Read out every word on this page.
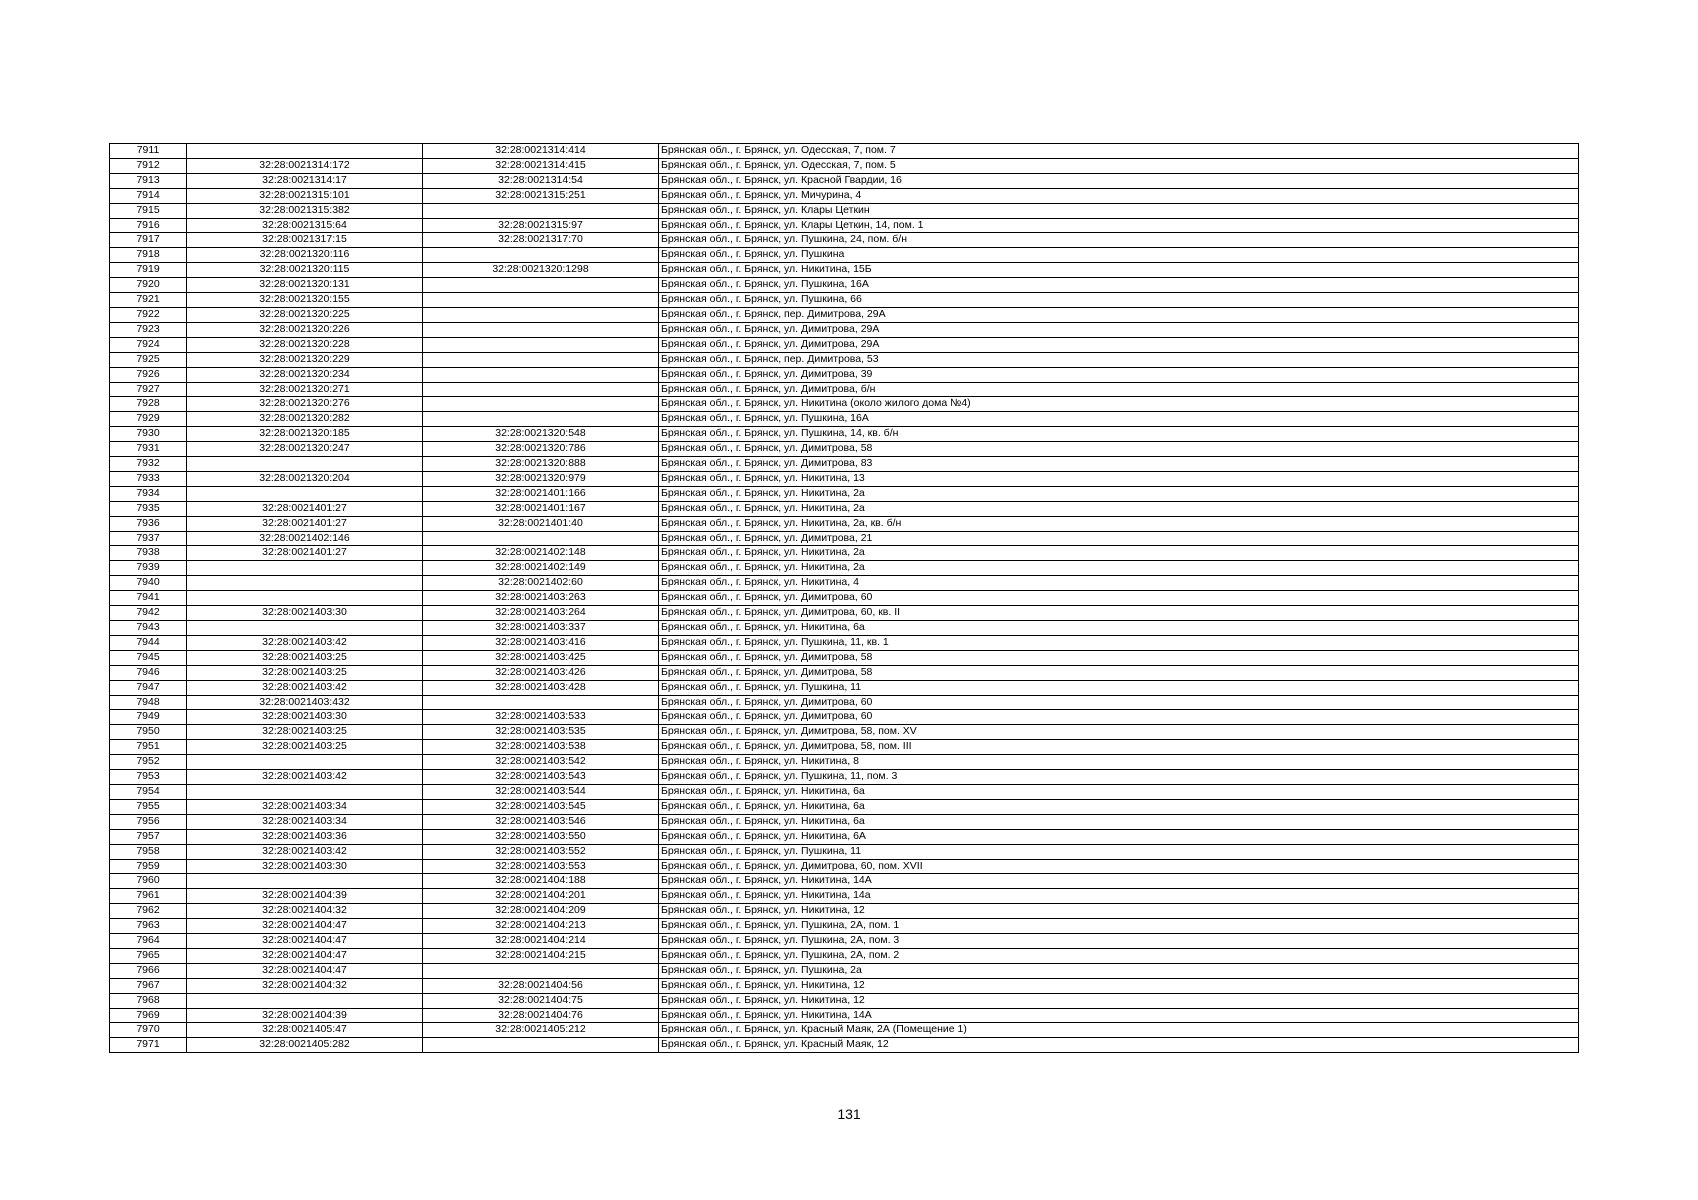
7911		32:28:0021314:414	Брянская обл., г. Брянск, ул. Одесская, 7, пом. 7
7912	32:28:0021314:172	32:28:0021314:415	Брянская обл., г. Брянск, ул. Одесская, 7, пом. 5
7913	32:28:0021314:17	32:28:0021314:54	Брянская обл., г. Брянск, ул. Красной Гвардии, 16
7914	32:28:0021315:101	32:28:0021315:251	Брянская обл., г. Брянск, ул. Мичурина, 4
7915	32:28:0021315:382		Брянская обл., г. Брянск, ул. Клары Цеткин
7916	32:28:0021315:64	32:28:0021315:97	Брянская обл., г. Брянск, ул. Клары Цеткин, 14, пом. 1
7917	32:28:0021317:15	32:28:0021317:70	Брянская обл., г. Брянск, ул. Пушкина, 24, пом. б/н
7918	32:28:0021320:116		Брянская обл., г. Брянск, ул. Пушкина
7919	32:28:0021320:115	32:28:0021320:1298	Брянская обл., г. Брянск, ул. Никитина, 15Б
7920	32:28:0021320:131		Брянская обл., г. Брянск, ул. Пушкина, 16А
7921	32:28:0021320:155		Брянская обл., г. Брянск, ул. Пушкина, 66
7922	32:28:0021320:225		Брянская обл., г. Брянск, пер. Димитрова, 29А
7923	32:28:0021320:226		Брянская обл., г. Брянск, ул. Димитрова, 29А
7924	32:28:0021320:228		Брянская обл., г. Брянск, ул. Димитрова, 29А
7925	32:28:0021320:229		Брянская обл., г. Брянск, пер. Димитрова, 53
7926	32:28:0021320:234		Брянская обл., г. Брянск, ул. Димитрова, 39
7927	32:28:0021320:271		Брянская обл., г. Брянск, ул. Димитрова, б/н
7928	32:28:0021320:276		Брянская обл., г. Брянск, ул. Никитина (около жилого дома №4)
7929	32:28:0021320:282		Брянская обл., г. Брянск, ул. Пушкина, 16А
7930	32:28:0021320:185	32:28:0021320:548	Брянская обл., г. Брянск, ул. Пушкина, 14, кв. б/н
7931	32:28:0021320:247	32:28:0021320:786	Брянская обл., г. Брянск, ул. Димитрова, 58
7932		32:28:0021320:888	Брянская обл., г. Брянск, ул. Димитрова, 83
7933	32:28:0021320:204	32:28:0021320:979	Брянская обл., г. Брянск, ул. Никитина, 13
7934		32:28:0021401:166	Брянская обл., г. Брянск, ул. Никитина, 2а
7935	32:28:0021401:27	32:28:0021401:167	Брянская обл., г. Брянск, ул. Никитина, 2а
7936	32:28:0021401:27	32:28:0021401:40	Брянская обл., г. Брянск, ул. Никитина, 2а, кв. б/н
7937	32:28:0021402:146		Брянская обл., г. Брянск, ул. Димитрова, 21
7938	32:28:0021401:27	32:28:0021402:148	Брянская обл., г. Брянск, ул. Никитина, 2а
7939		32:28:0021402:149	Брянская обл., г. Брянск, ул. Никитина, 2а
7940		32:28:0021402:60	Брянская обл., г. Брянск, ул. Никитина, 4
7941		32:28:0021403:263	Брянская обл., г. Брянск, ул. Димитрова, 60
7942	32:28:0021403:30	32:28:0021403:264	Брянская обл., г. Брянск, ул. Димитрова, 60, кв. II
7943		32:28:0021403:337	Брянская обл., г. Брянск, ул. Никитина, 6а
7944	32:28:0021403:42	32:28:0021403:416	Брянская обл., г. Брянск, ул. Пушкина, 11, кв. 1
7945	32:28:0021403:25	32:28:0021403:425	Брянская обл., г. Брянск, ул. Димитрова, 58
7946	32:28:0021403:25	32:28:0021403:426	Брянская обл., г. Брянск, ул. Димитрова, 58
7947	32:28:0021403:42	32:28:0021403:428	Брянская обл., г. Брянск, ул. Пушкина, 11
7948	32:28:0021403:432		Брянская обл., г. Брянск, ул. Димитрова, 60
7949	32:28:0021403:30	32:28:0021403:533	Брянская обл., г. Брянск, ул. Димитрова, 60
7950	32:28:0021403:25	32:28:0021403:535	Брянская обл., г. Брянск, ул. Димитрова, 58, пом. XV
7951	32:28:0021403:25	32:28:0021403:538	Брянская обл., г. Брянск, ул. Димитрова, 58, пом. III
7952		32:28:0021403:542	Брянская обл., г. Брянск, ул. Никитина, 8
7953	32:28:0021403:42	32:28:0021403:543	Брянская обл., г. Брянск, ул. Пушкина, 11, пом. 3
7954		32:28:0021403:544	Брянская обл., г. Брянск, ул. Никитина, 6а
7955	32:28:0021403:34	32:28:0021403:545	Брянская обл., г. Брянск, ул. Никитина, 6а
7956	32:28:0021403:34	32:28:0021403:546	Брянская обл., г. Брянск, ул. Никитина, 6а
7957	32:28:0021403:36	32:28:0021403:550	Брянская обл., г. Брянск, ул. Никитина, 6А
7958	32:28:0021403:42	32:28:0021403:552	Брянская обл., г. Брянск, ул. Пушкина, 11
7959	32:28:0021403:30	32:28:0021403:553	Брянская обл., г. Брянск, ул. Димитрова, 60, пом. XVII
7960		32:28:0021404:188	Брянская обл., г. Брянск, ул. Никитина, 14А
7961	32:28:0021404:39	32:28:0021404:201	Брянская обл., г. Брянск, ул. Никитина, 14а
7962	32:28:0021404:32	32:28:0021404:209	Брянская обл., г. Брянск, ул. Никитина, 12
7963	32:28:0021404:47	32:28:0021404:213	Брянская обл., г. Брянск, ул. Пушкина, 2А, пом. 1
7964	32:28:0021404:47	32:28:0021404:214	Брянская обл., г. Брянск, ул. Пушкина, 2А, пом. 3
7965	32:28:0021404:47	32:28:0021404:215	Брянская обл., г. Брянск, ул. Пушкина, 2А, пом. 2
7966	32:28:0021404:47		Брянская обл., г. Брянск, ул. Пушкина, 2а
7967	32:28:0021404:32	32:28:0021404:56	Брянская обл., г. Брянск, ул. Никитина, 12
7968		32:28:0021404:75	Брянская обл., г. Брянск, ул. Никитина, 12
7969	32:28:0021404:39	32:28:0021404:76	Брянская обл., г. Брянск, ул. Никитина, 14А
7970	32:28:0021405:47	32:28:0021405:212	Брянская обл., г. Брянск, ул. Красный Маяк, 2А (Помещение 1)
7971	32:28:0021405:282		Брянская обл., г. Брянск, ул. Красный Маяк, 12
131
